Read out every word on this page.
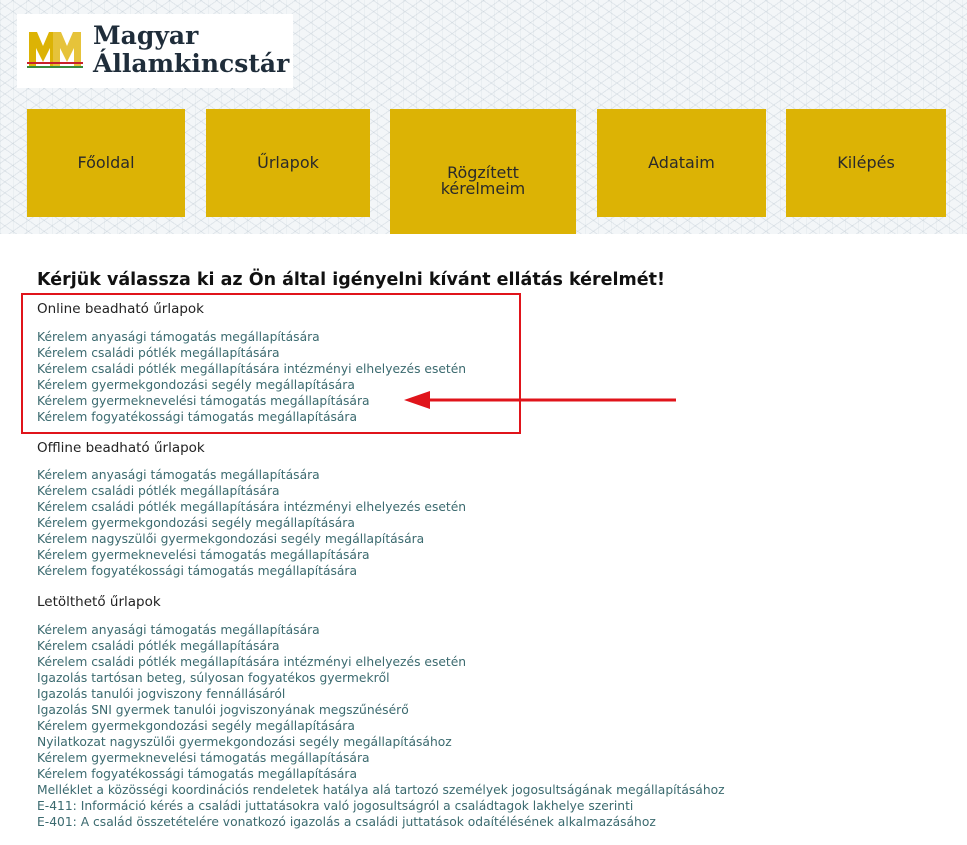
Magyar
Államkincstár
Főoldal	Űrlapok
Rögzített kérelmeim
Adataim	Kilépés
Kérjük válassza ki az Ön által igényelni kívánt ellátás kérelmét!
Online beadható űrlapok
Kérelem anyasági támogatás megállapítására
Kérelem családi pótlék megállapítására
Kérelem családi pótlék megállapítására intézményi elhelyezés esetén
Kérelem gyermekgondozási segély megállapítására
Kérelem gyermeknevelési támogatás megállapítására
Kérelem fogyatékossági támogatás megállapítására
Offline beadható űrlapok
Kérelem anyasági támogatás megállapítására
Kérelem családi pótlék megállapítására
Kérelem családi pótlék megállapítására intézményi elhelyezés esetén
Kérelem gyermekgondozási segély megállapítására
Kérelem nagyszülői gyermekgondozási segély megállapítására
Kérelem gyermeknevelési támogatás megállapítására
Kérelem fogyatékossági támogatás megállapítására
Letölthető űrlapok
Kérelem anyasági támogatás megállapítására
Kérelem családi pótlék megállapítására
Kérelem családi pótlék megállapítására intézményi elhelyezés esetén
Igazolás tartósan beteg, súlyosan fogyatékos gyermekről
Igazolás tanulói jogviszony fennállásáról
Igazolás SNI gyermek tanulói jogviszonyának megszűnésérő
Kérelem gyermekgondozási segély megállapítására
Nyilatkozat nagyszülői gyermekgondozási segély megállapításához
Kérelem gyermeknevelési támogatás megállapítására
Kérelem fogyatékossági támogatás megállapítására
Melléklet a közösségi koordinációs rendeletek hatálya alá tartozó személyek jogosultságának megállapításához
E-411: Információ kérés a családi juttatásokra való jogosultságról a családtagok lakhelye szerinti
E-401: A család összetételére vonatkozó igazolás a családi juttatások odaítélésének alkalmazásához
